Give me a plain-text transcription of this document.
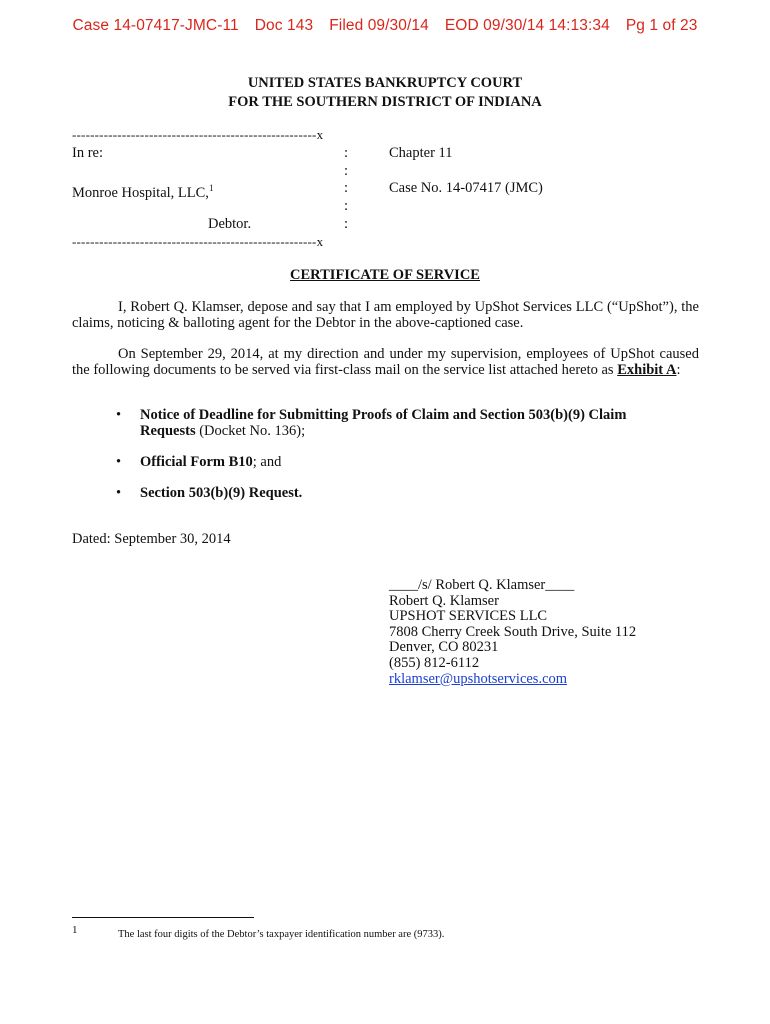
Case 14-07417-JMC-11 Doc 143 Filed 09/30/14 EOD 09/30/14 14:13:34 Pg 1 of 23
UNITED STATES BANKRUPTCY COURT
FOR THE SOUTHERN DISTRICT OF INDIANA
------------------------------------------------------x
In re:
Monroe Hospital, LLC,$^1$
Debtor.
:
:
:
:
:
------------------------------------------------------x
Chapter 11
Case No. 14-07417 (JMC)
CERTIFICATE OF SERVICE
I, Robert Q. Klamser, depose and say that I am employed by UpShot Services LLC (“UpShot”), the claims, noticing & balloting agent for the Debtor in the above-captioned case.
On September 29, 2014, at my direction and under my supervision, employees of UpShot caused the following documents to be served via first-class mail on the service list attached hereto as Exhibit A:
• Notice of Deadline for Submitting Proofs of Claim and Section 503(b)(9) Claim Requests (Docket No. 136);
• Official Form B10; and
• Section 503(b)(9) Request.
Dated: September 30, 2014
____/s/ Robert Q. Klamser____
Robert Q. Klamser
UPSHOT SERVICES LLC
7808 Cherry Creek South Drive, Suite 112
Denver, CO 80231
(855) 812-6112
rklamser@upshotservices.com
1	The last four digits of the Debtor’s taxpayer identification number are (9733).
